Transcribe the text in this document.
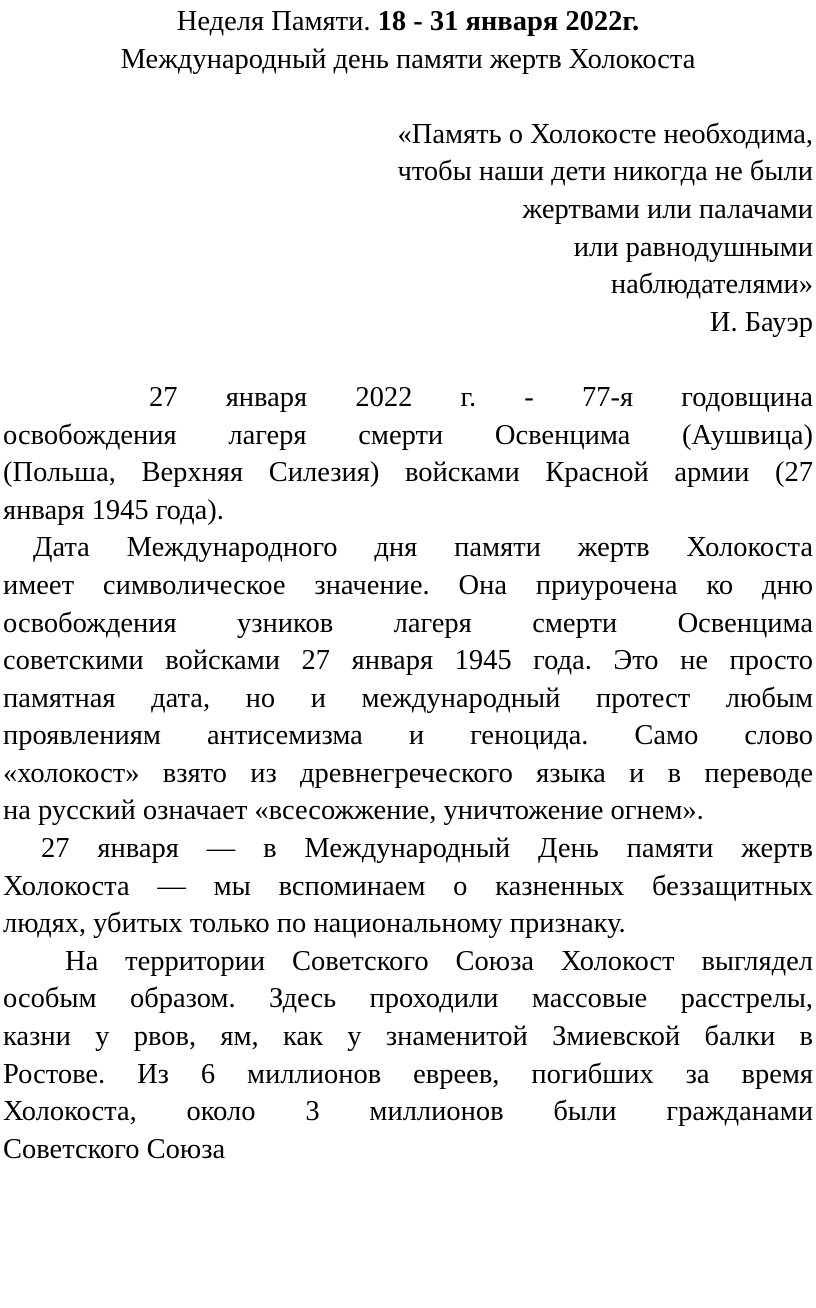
Неделя Памяти. 18 - 31 января 2022г.

Международный день памяти жертв Холокоста

«Память о Холокосте необходима,

чтобы наши дети никогда не были

жертвами или палачами

или равнодушными

наблюдателями»

И. Бауэр

27 января 2022 г. - 77-я годовщина
освобождения лагеря смерти Освенцима (Аушвица)
(Польша, Верхняя Силезия) войсками Красной армии (27
января 1945 года).
Дата Международного дня памяти жертв Холокоста
имеет символическое значение. Она приурочена ко дню
освобождения узников лагеря смерти Освенцима
советскими войсками 27 января 1945 года. Это не просто
памятная дата, но и международный протест любым
проявлениям антисемизма и геноцида. Само слово
«холокост» взято из древнегреческого языка и в переводе
на русский означает «всесожжение, уничтожение огнем».
27 января — в Международный День памяти жертв
Холокоста — мы вспоминаем о казненных беззащитных
людях, убитых только по национальному признаку.
На территории Советского Союза Холокост выглядел
особым образом. Здесь проходили массовые расстрелы,
казни у рвов, ям, как у знаменитой Змиевской балки в
Ростове. Из 6 миллионов евреев, погибших за время
Холокоста, около 3 миллионов были гражданами
Советского Союза
